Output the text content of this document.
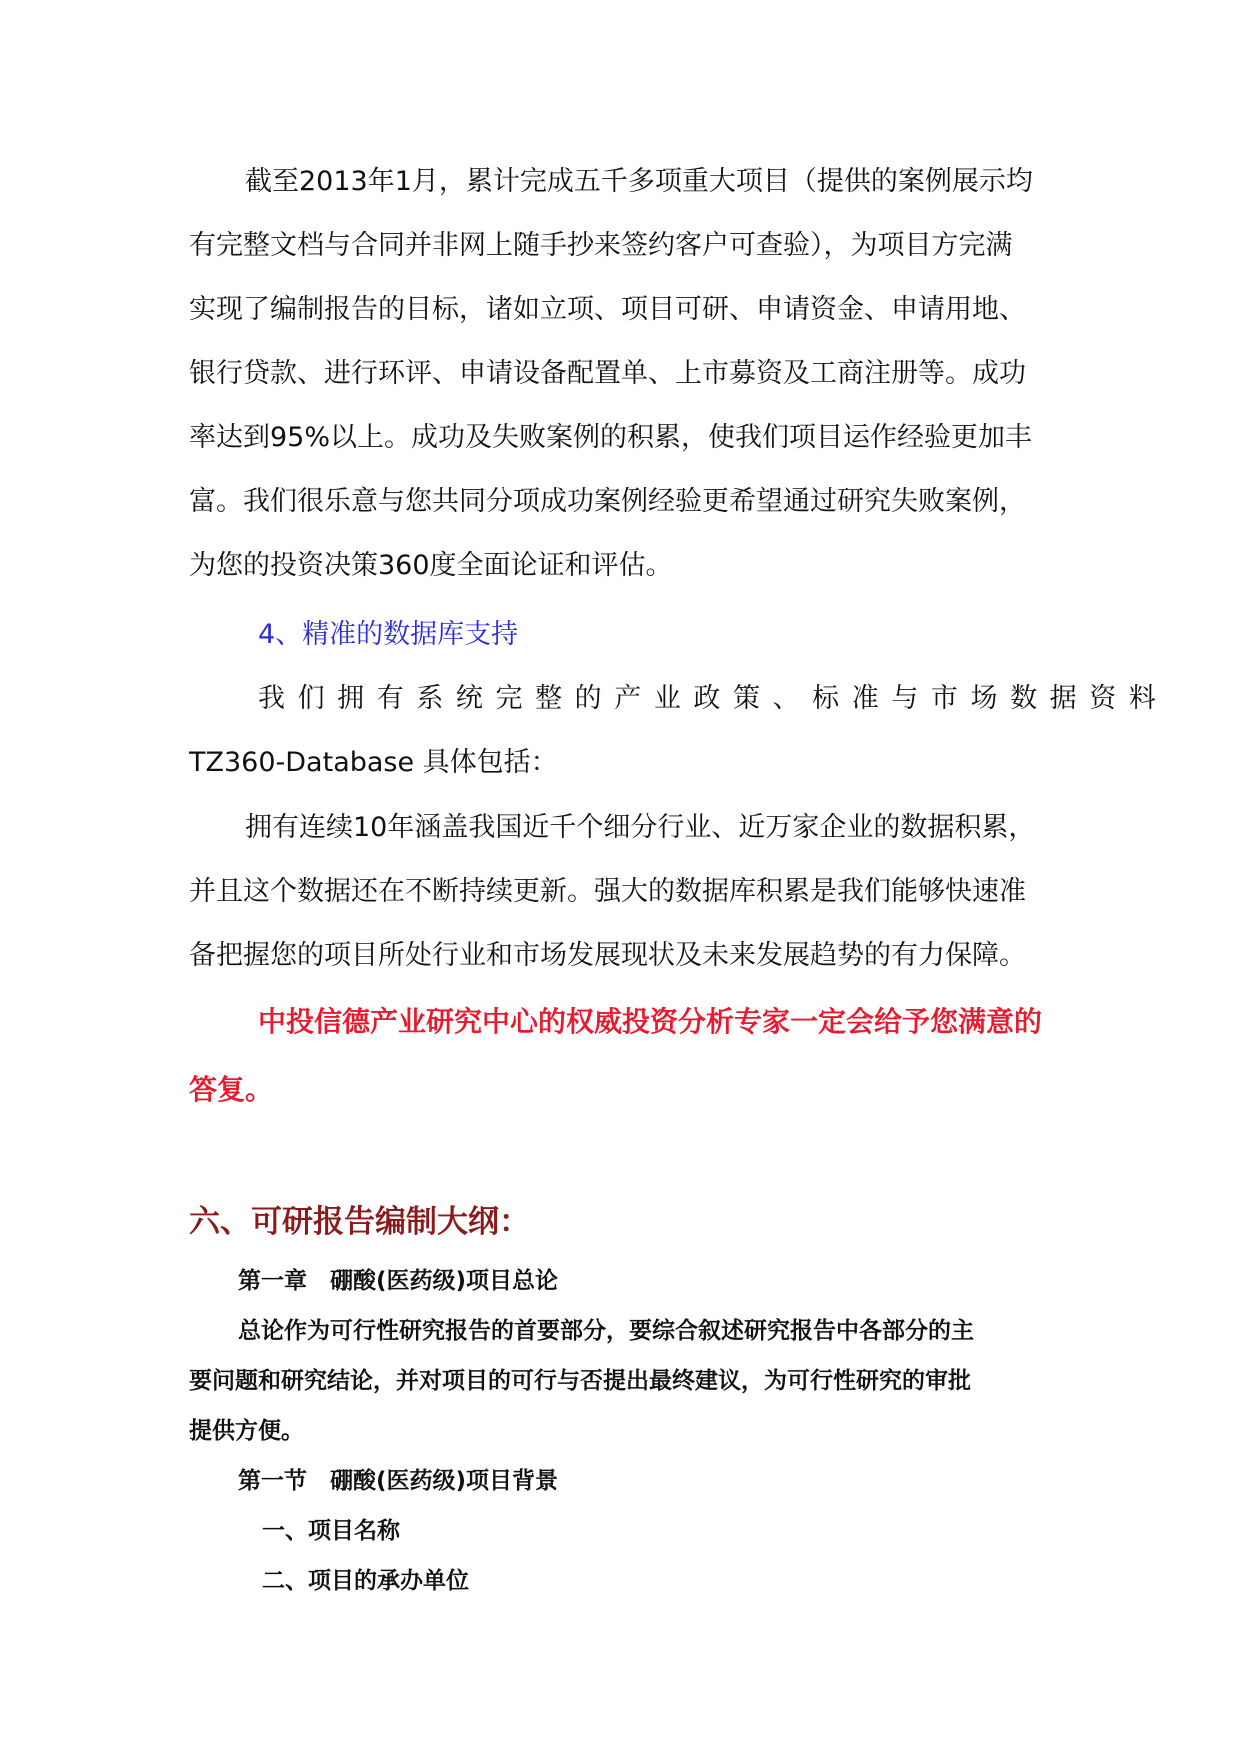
截至2013年1月，累计完成五千多项重大项目（提供的案例展示均
有完整文档与合同并非网上随手抄来签约客户可查验），为项目方完满
实现了编制报告的目标，诸如立项、项目可研、申请资金、申请用地、
银行贷款、进行环评、申请设备配置单、上市募资及工商注册等。成功
率达到95%以上。成功及失败案例的积累，使我们项目运作经验更加丰
富。我们很乐意与您共同分项成功案例经验更希望通过研究失败案例，
为您的投资决策360度全面论证和评估。

4、精准的数据库支持

我 们 拥 有 系 统 完 整 的 产 业 政 策 、 标 准 与 市 场 数 据 资 料

TZ360-Database 具体包括：

拥有连续10年涵盖我国近千个细分行业、近万家企业的数据积累，
并且这个数据还在不断持续更新。强大的数据库积累是我们能够快速准
备把握您的项目所处行业和市场发展现状及未来发展趋势的有力保障。

中投信德产业研究中心的权威投资分析专家一定会给予您满意的

答复。

六、可研报告编制大纲：

第一章　硼酸(医药级)项目总论

总论作为可行性研究报告的首要部分，要综合叙述研究报告中各部分的主

要问题和研究结论，并对项目的可行与否提出最终建议，为可行性研究的审批

提供方便。

第一节　硼酸(医药级)项目背景

一、项目名称

二、项目的承办单位
